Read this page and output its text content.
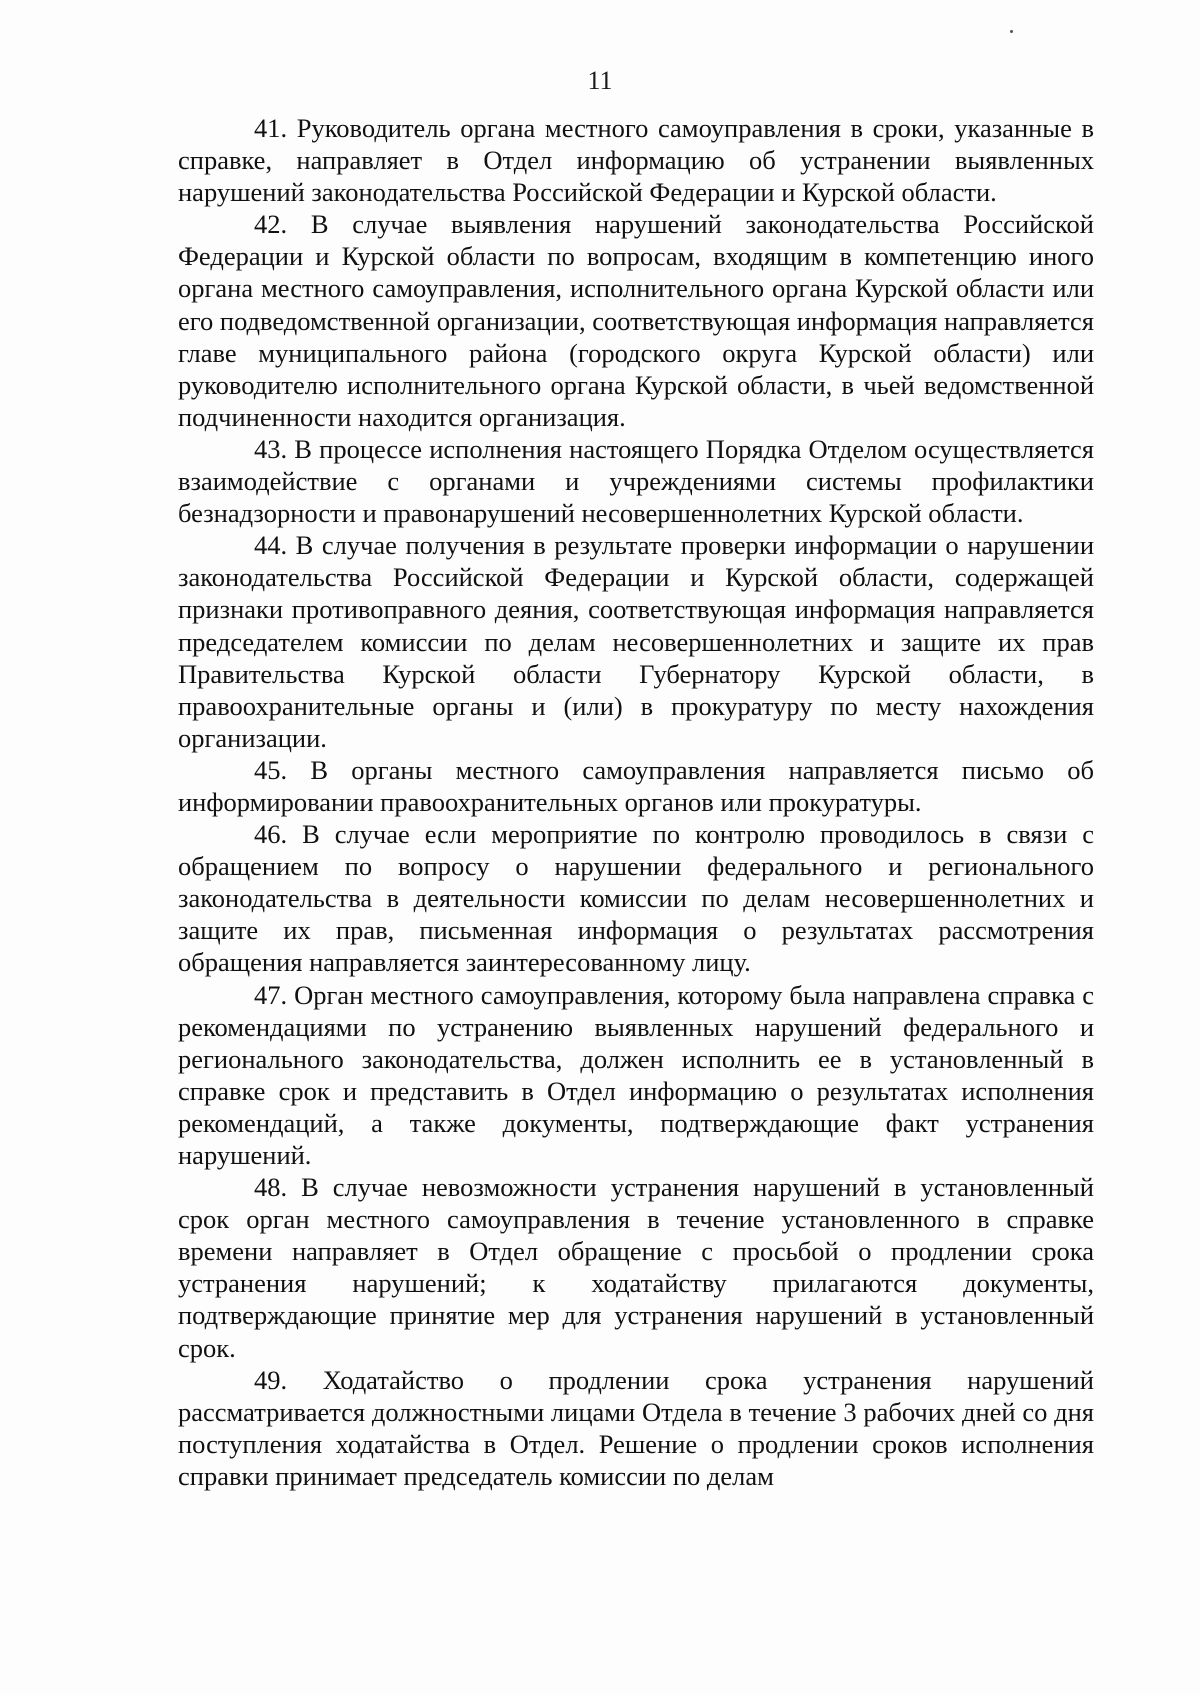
11

41. Руководитель органа местного самоуправления в сроки, указанные в справке, направляет в Отдел информацию об устранении выявленных нарушений законодательства Российской Федерации и Курской области.

42. В случае выявления нарушений законодательства Российской Федерации и Курской области по вопросам, входящим в компетенцию иного органа местного самоуправления, исполнительного органа Курской области или его подведомственной организации, соответствующая информация направляется главе муниципального района (городского округа Курской области) или руководителю исполнительного органа Курской области, в чьей ведомственной подчиненности находится организация.

43. В процессе исполнения настоящего Порядка Отделом осуществляется взаимодействие с органами и учреждениями системы профилактики безнадзорности и правонарушений несовершеннолетних Курской области.

44. В случае получения в результате проверки информации о нарушении законодательства Российской Федерации и Курской области, содержащей признаки противоправного деяния, соответствующая информация направляется председателем комиссии по делам несовершеннолетних и защите их прав Правительства Курской области Губернатору Курской области, в правоохранительные органы и (или) в прокуратуру по месту нахождения организации.

45. В органы местного самоуправления направляется письмо об информировании правоохранительных органов или прокуратуры.

46. В случае если мероприятие по контролю проводилось в связи с обращением по вопросу о нарушении федерального и регионального законодательства в деятельности комиссии по делам несовершеннолетних и защите их прав, письменная информация о результатах рассмотрения обращения направляется заинтересованному лицу.

47. Орган местного самоуправления, которому была направлена справка с рекомендациями по устранению выявленных нарушений федерального и регионального законодательства, должен исполнить ее в установленный в справке срок и представить в Отдел информацию о результатах исполнения рекомендаций, а также документы, подтверждающие факт устранения нарушений.

48. В случае невозможности устранения нарушений в установленный срок орган местного самоуправления в течение установленного в справке времени направляет в Отдел обращение с просьбой о продлении срока устранения нарушений; к ходатайству прилагаются документы, подтверждающие принятие мер для устранения нарушений в установленный срок.

49. Ходатайство о продлении срока устранения нарушений рассматривается должностными лицами Отдела в течение 3 рабочих дней со дня поступления ходатайства в Отдел. Решение о продлении сроков исполнения справки принимает председатель комиссии по делам
